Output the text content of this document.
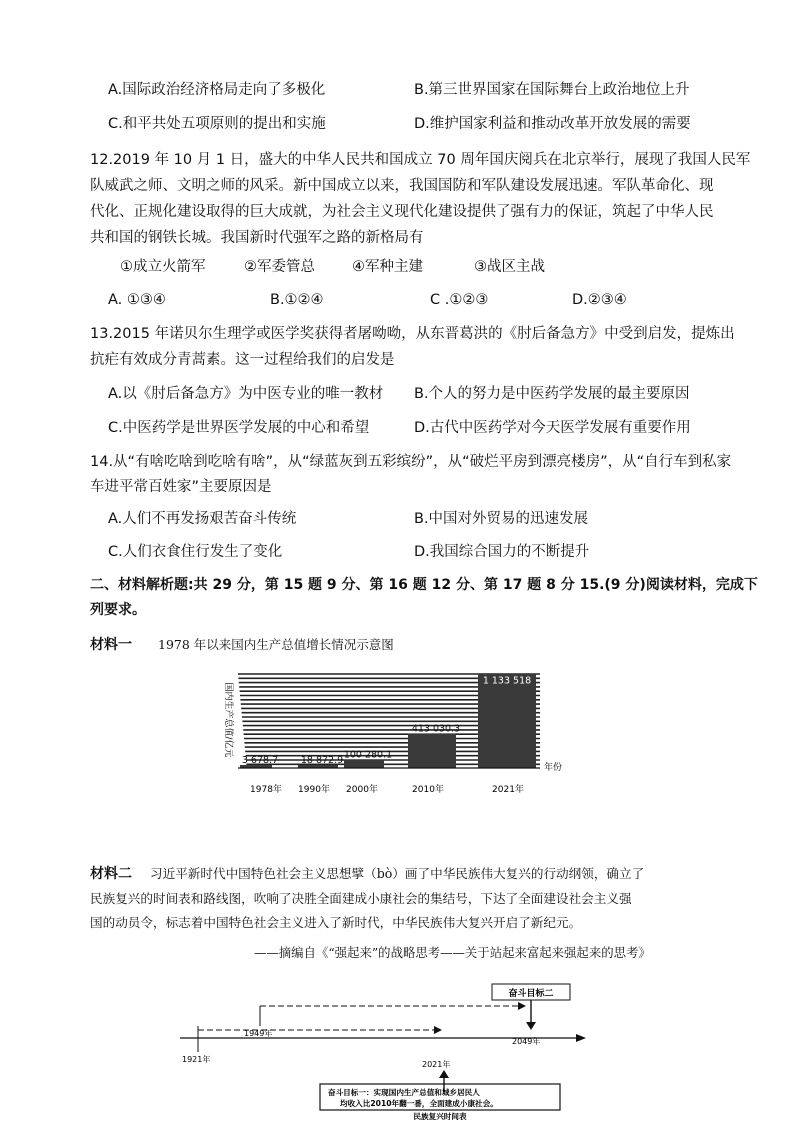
A.国际政治经济格局走向了多极化	B.第三世界国家在国际舞台上政治地位上升
C.和平共处五项原则的提出和实施	D.维护国家利益和推动改革开放发展的需要
12.2019 年 10 月 1 日，盛大的中华人民共和国成立 70 周年国庆阅兵在北京举行，展现了我国人民军
队威武之师、文明之师的风采。新中国成立以来，我国国防和军队建设发展迅速。军队革命化、现
代化、正规化建设取得的巨大成就，为社会主义现代化建设提供了强有力的保证，筑起了中华人民
共和国的钢铁长城。我国新时代强军之路的新格局有
①成立火箭军	②军委管总	④军种主建	③战区主战
A. ①③④	B.①②④	C .①②③	D.②③④
13.2015 年诺贝尔生理学或医学奖获得者屠呦呦，从东晋葛洪的《肘后备急方》中受到启发，提炼出
抗疟有效成分青蒿素。这一过程给我们的启发是
A.以《肘后备急方》为中医专业的唯一教材 B.个人的努力是中医药学发展的最主要原因
C.中医药学是世界医学发展的中心和希望	D.古代中医药学对今天医学发展有重要作用
14.从“有啥吃啥到吃啥有啥”，从“绿蓝灰到五彩缤纷”，从“破烂平房到漂亮楼房”，从“自行车到私家
车进平常百姓家”主要原因是
A.人们不再发扬艰苦奋斗传统	B.中国对外贸易的迅速发展
C.人们衣食住行发生了变化	D.我国综合国力的不断提升
二、材料解析题:共 29 分，第 15 题 9 分、第 16 题 12 分、第 17 题 8 分 15.(9 分)阅读材料，完成下
列要求。
材料一 1978 年以来国内生产总值增长情况示意图
3 678.7
1978年
18 872.9
1990年
100 280.1
2000年
413 030.3
2010年
1 133 518
2021年
国内生产总值/亿元
年份
材料二 习近平新时代中国特色社会主义思想擘（bò）画了中华民族伟大复兴的行动纲领，确立了
民族复兴的时间表和路线图，吹响了决胜全面建成小康社会的集结号，下达了全面建设社会主义强
国的动员令，标志着中国特色社会主义进入了新时代，中华民族伟大复兴开启了新纪元。
——摘编自《“强起来”的战略思考——关于站起来富起来强起来的思考》
奋斗目标二
1949年
2049年
1921年
2021年
奋斗目标一：实现国内生产总值和城乡居民人
均收入比2010年翻一番，全面建成小康社会。
民族复兴时间表
